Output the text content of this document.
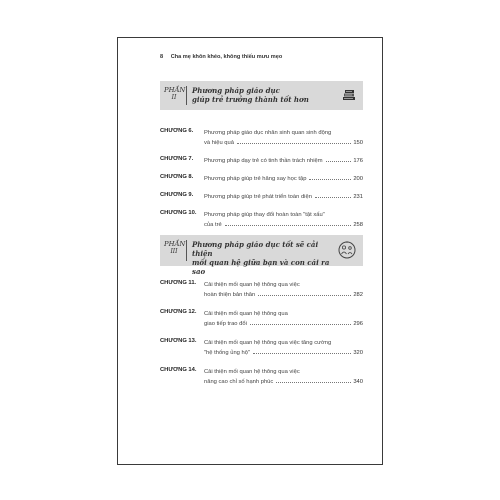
8 Cha mẹ khôn khéo, không thiếu mưu mẹo
PHẦN
II
Phương pháp giáo dục
giúp trẻ trưởng thành tốt hơn
CHƯƠNG 6. Phương pháp giáo dục nhân sinh quan sinh động
và hiệu quả	150
CHƯƠNG 7. Phương pháp dạy trẻ có tinh thần trách nhiệm	176
CHƯƠNG 8. Phương pháp giúp trẻ hăng say học tập	200
CHƯƠNG 9. Phương pháp giúp trẻ phát triển toàn diện	231
CHƯƠNG 10. Phương pháp giúp thay đổi hoàn toàn "tật xấu"
của trẻ	258
PHẦN
III
Phương pháp giáo dục tốt sẽ cải thiện
mối quan hệ giữa bạn và con cái ra sao
CHƯƠNG 11. Cải thiện mối quan hệ thông qua việc
hoàn thiện bản thân	282
CHƯƠNG 12. Cải thiện mối quan hệ thông qua
giao tiếp trao đổi	296
CHƯƠNG 13. Cải thiện mối quan hệ thông qua việc tăng cường
"hệ thống ủng hộ"	320
CHƯƠNG 14. Cải thiện mối quan hệ thông qua việc
nâng cao chỉ số hạnh phúc	340
